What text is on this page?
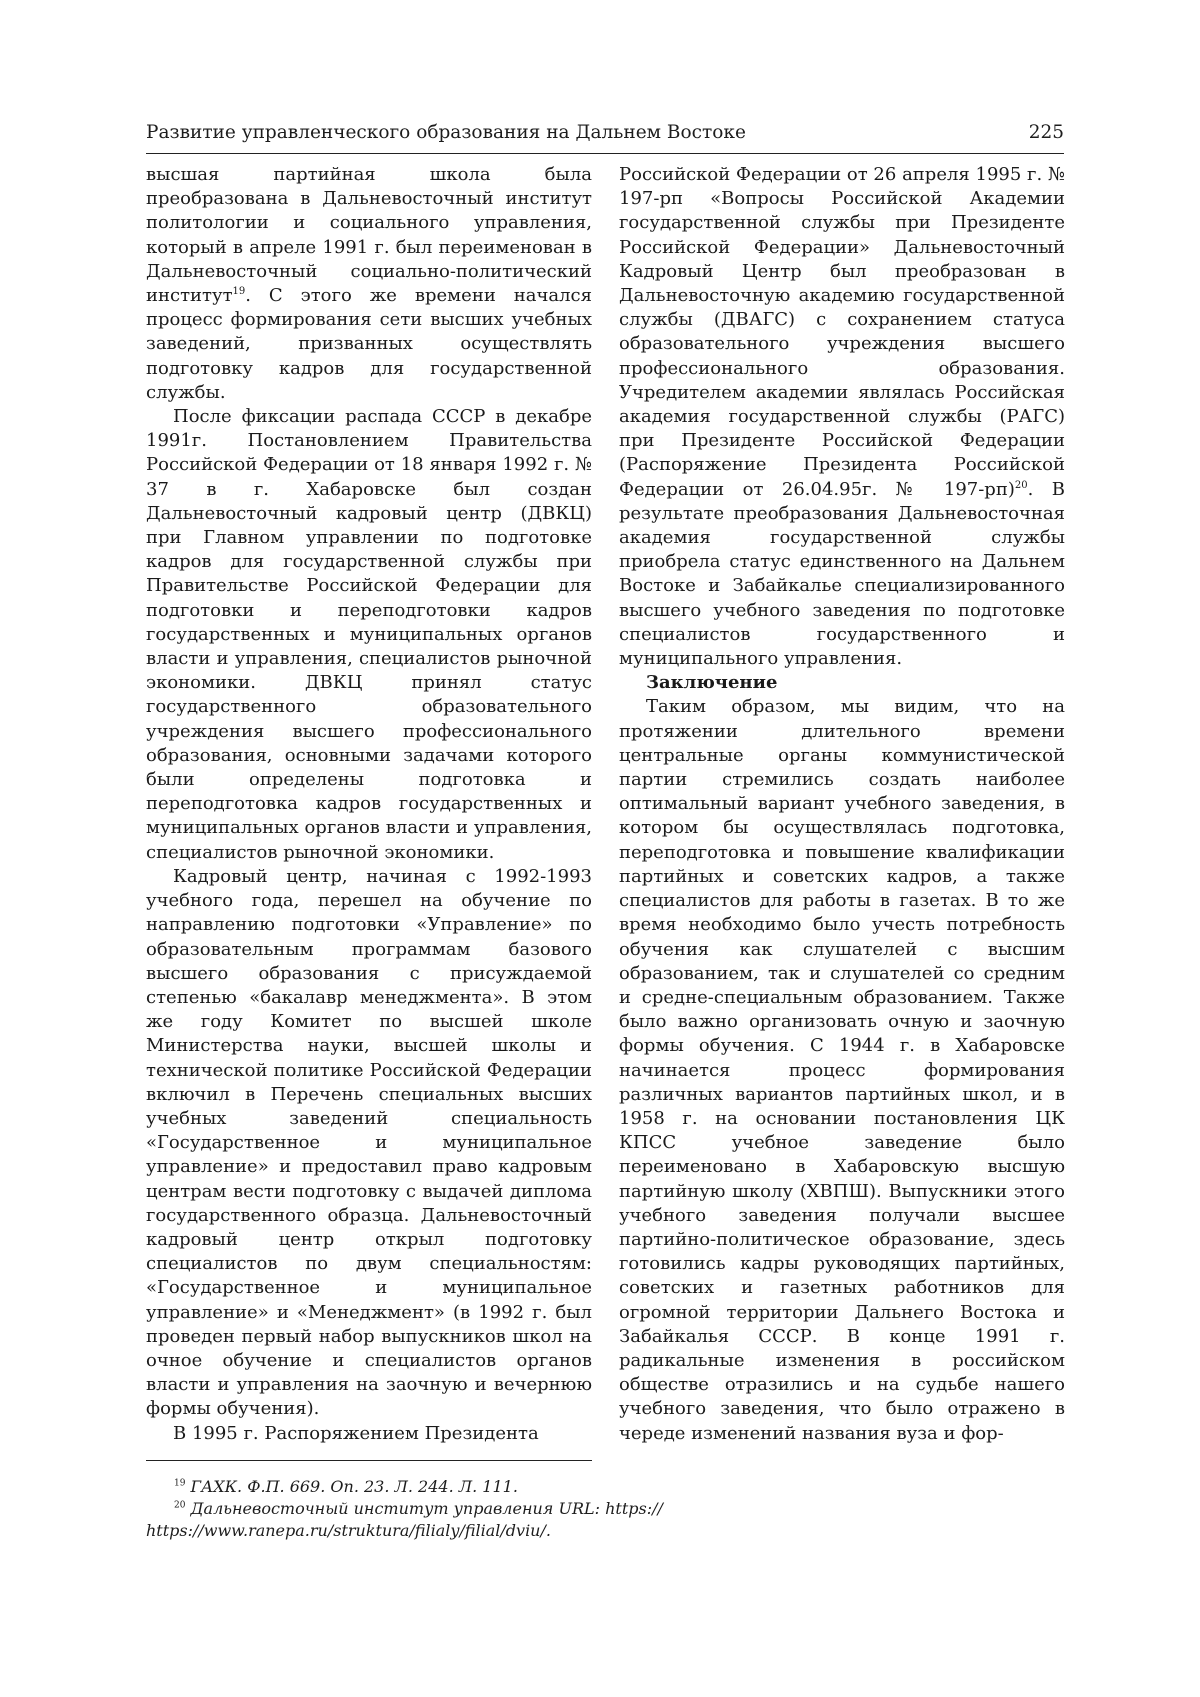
Развитие управленческого образования на Дальнем Востоке	225

высшая партийная школа была преобразована в Дальневосточный институт политологии и социального управления, который в апреле 1991 г. был переименован в Дальневосточный социально-политический институт$^{19}$. С этого же времени начался процесс формирования сети высших учебных заведений, призванных осуществлять подготовку кадров для государственной службы.

После фиксации распада СССР в декабре 1991г. Постановлением Правительства Российской Федерации от 18 января 1992 г. № 37 в г. Хабаровске был создан Дальневосточный кадровый центр (ДВКЦ) при Главном управлении по подготовке кадров для государственной службы при Правительстве Российской Федерации для подготовки и переподготовки кадров государственных и муниципальных органов власти и управления, специалистов рыночной экономики. ДВКЦ принял статус государственного образовательного учреждения высшего профессионального образования, основными задачами которого были определены подготовка и переподготовка кадров государственных и муниципальных органов власти и управления, специалистов рыночной экономики.

Кадровый центр, начиная с 1992-1993 учебного года, перешел на обучение по направлению подготовки «Управление» по образовательным программам базового высшего образования с присуждаемой степенью «бакалавр менеджмента». В этом же году Комитет по высшей школе Министерства науки, высшей школы и технической политике Российской Федерации включил в Перечень специальных высших учебных заведений специальность «Государственное и муниципальное управление» и предоставил право кадровым центрам вести подготовку с выдачей диплома государственного образца. Дальневосточный кадровый центр открыл подготовку специалистов по двум специальностям: «Государственное и муниципальное управление» и «Менеджмент» (в 1992 г. был проведен первый набор выпускников школ на очное обучение и специалистов органов власти и управления на заочную и вечернюю формы обучения).

В 1995 г. Распоряжением Президента

Российской Федерации от 26 апреля 1995 г. № 197-рп «Вопросы Российской Академии государственной службы при Президенте Российской Федерации» Дальневосточный Кадровый Центр был преобразован в Дальневосточную академию государственной службы (ДВАГС) с сохранением статуса образовательного учреждения высшего профессионального образования. Учредителем академии являлась Российская академия государственной службы (РАГС) при Президенте Российской Федерации (Распоряжение Президента Российской Федерации от 26.04.95г. № 197-рп)$^{20}$. В результате преобразования Дальневосточная академия государственной службы приобрела статус единственного на Дальнем Востоке и Забайкалье специализированного высшего учебного заведения по подготовке специалистов государственного и муниципального управления.

Заключение

Таким образом, мы видим, что на протяжении длительного времени центральные органы коммунистической партии стремились создать наиболее оптимальный вариант учебного заведения, в котором бы осуществлялась подготовка, переподготовка и повышение квалификации партийных и советских кадров, а также специалистов для работы в газетах. В то же время необходимо было учесть потребность обучения как слушателей с высшим образованием, так и слушателей со средним и средне-специальным образованием. Также было важно организовать очную и заочную формы обучения. С 1944 г. в Хабаровске начинается процесс формирования различных вариантов партийных школ, и в 1958 г. на основании постановления ЦК КПСС учебное заведение было переименовано в Хабаровскую высшую партийную школу (ХВПШ). Выпускники этого учебного заведения получали высшее партийно-политическое образование, здесь готовились кадры руководящих партийных, советских и газетных работников для огромной территории Дальнего Востока и Забайкалья СССР. В конце 1991 г. радикальные изменения в российском обществе отразились и на судьбе нашего учебного заведения, что было отражено в череде изменений названия вуза и фор-

$^{19}$ ГАХК. Ф.П. 669. Оп. 23. Л. 244. Л. 111.

$^{20}$ Дальневосточный институт управления URL: https:// https://www.ranepa.ru/struktura/filialy/filial/dviu/.
